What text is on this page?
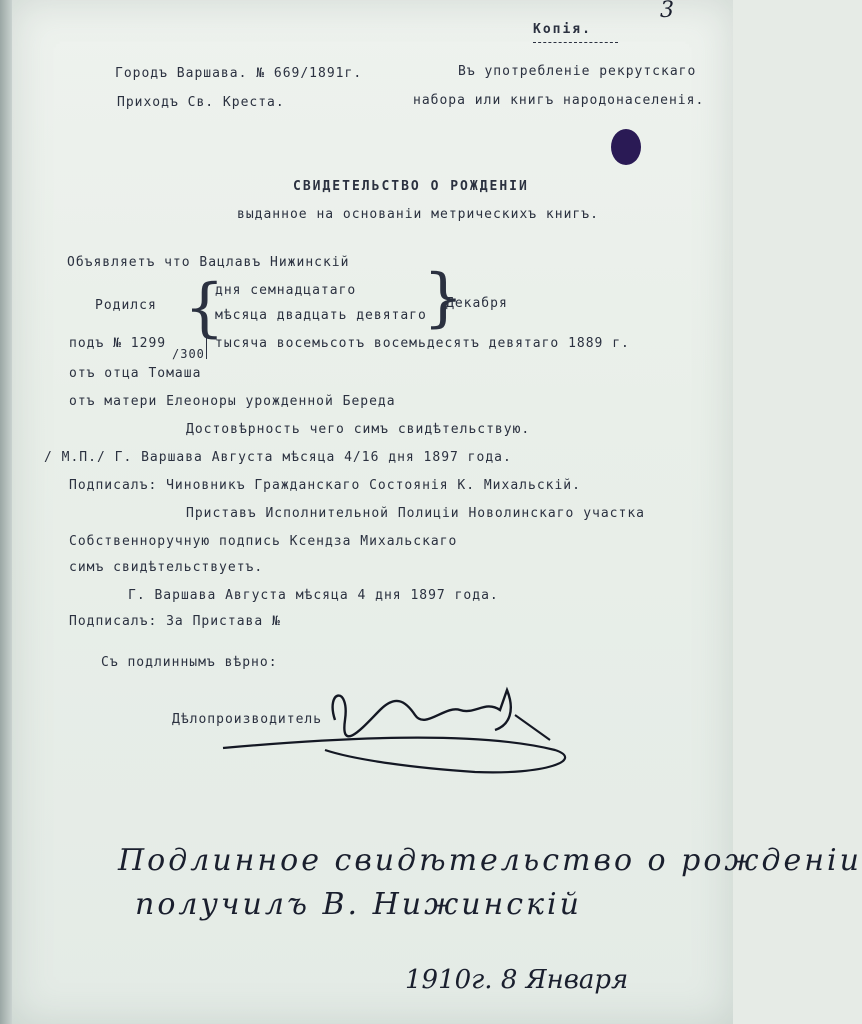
3
Копія.
Городъ Варшава. № 669/1891г.
Приходъ Св. Креста.
Въ употребленіе рекрутскаго
набора или книгъ народонаселенія.
СВИДЕТЕЛЬСТВО О РОЖДЕНІИ
выданное на основаніи метрическихъ книгъ.
Объявляетъ что Вацлавъ Нижинскій
Родился {
дня семнадцатаго
мѣсяца двадцать девятаго
}
Декабря
подъ № 1299
/300
тысяча восемьсотъ восемьдесятъ девятаго 1889 г.
отъ отца Томаша
отъ матери Елеоноры урожденной Береда
Достовѣрность чего симъ свидѣтельствую.
/ М.П./ Г. Варшава Августа мѣсяца 4/16 дня 1897 года.
Подписалъ: Чиновникъ Гражданскаго Состоянія К. Михальскій.
Приставъ Исполнительной Полиціи Новолинскаго участка
Собственноручную подпись Ксендза Михальскаго
симъ свидѣтельствуетъ.
Г. Варшава Августа мѣсяца 4 дня 1897 года.
Подписалъ: За Пристава №
Съ подлиннымъ вѣрно:
Дѣлопроизводитель
Подлинное свидѣтельство о рожденіи
получилъ В. Нижинскій
1910г. 8 Января
